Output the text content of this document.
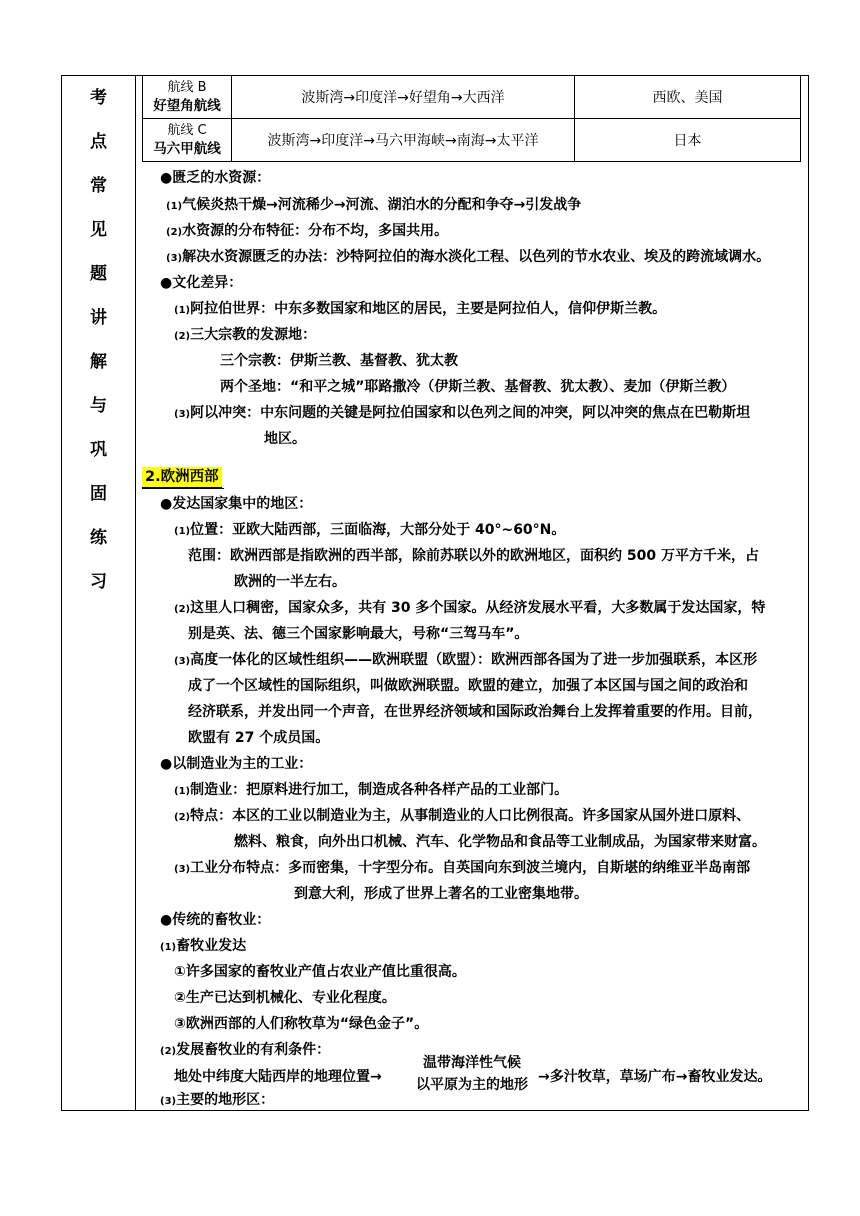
考
点
常
见
题
讲
解
与
巩
固
练
习
航线 B
好望角航线	波斯湾→印度洋→好望角→大西洋	西欧、美国

航线 C
马六甲航线	波斯湾→印度洋→马六甲海峡→南海→太平洋	日本
●匮乏的水资源：
(1)气候炎热干燥→河流稀少→河流、湖泊水的分配和争夺→引发战争
(2)水资源的分布特征：分布不均，多国共用。
(3)解决水资源匮乏的办法：沙特阿拉伯的海水淡化工程、以色列的节水农业、埃及的跨流域调水。
●文化差异：
(1)阿拉伯世界：中东多数国家和地区的居民，主要是阿拉伯人，信仰伊斯兰教。
(2)三大宗教的发源地：
三个宗教：伊斯兰教、基督教、犹太教
两个圣地：“和平之城”耶路撒冷（伊斯兰教、基督教、犹太教）、麦加（伊斯兰教）
(3)阿以冲突：中东问题的关键是阿拉伯国家和以色列之间的冲突，阿以冲突的焦点在巴勒斯坦
地区。
2.欧洲西部
●发达国家集中的地区：
(1)位置：亚欧大陆西部，三面临海，大部分处于 40°~60°N。
范围：欧洲西部是指欧洲的西半部，除前苏联以外的欧洲地区，面积约 500 万平方千米，占
欧洲的一半左右。
(2)这里人口稠密，国家众多，共有 30 多个国家。从经济发展水平看，大多数属于发达国家，特
别是英、法、德三个国家影响最大，号称“三驾马车”。
(3)高度一体化的区域性组织——欧洲联盟（欧盟）：欧洲西部各国为了进一步加强联系，本区形
成了一个区域性的国际组织，叫做欧洲联盟。欧盟的建立，加强了本区国与国之间的政治和
经济联系，并发出同一个声音，在世界经济领域和国际政治舞台上发挥着重要的作用。目前，
欧盟有 27 个成员国。
●以制造业为主的工业：
(1)制造业：把原料进行加工，制造成各种各样产品的工业部门。
(2)特点：本区的工业以制造业为主，从事制造业的人口比例很高。许多国家从国外进口原料、
燃料、粮食，向外出口机械、汽车、化学物品和食品等工业制成品，为国家带来财富。
(3)工业分布特点：多而密集，十字型分布。自英国向东到波兰境内，自斯堪的纳维亚半岛南部
到意大利，形成了世界上著名的工业密集地带。
●传统的畜牧业：
(1)畜牧业发达
①许多国家的畜牧业产值占农业产值比重很高。
②生产已达到机械化、专业化程度。
③欧洲西部的人们称牧草为“绿色金子”。
(2)发展畜牧业的有利条件：
地处中纬度大陆西岸的地理位置→
温带海洋性气候
以平原为主的地形 →多汁牧草，草场广布→畜牧业发达。
(3)主要的地形区：
